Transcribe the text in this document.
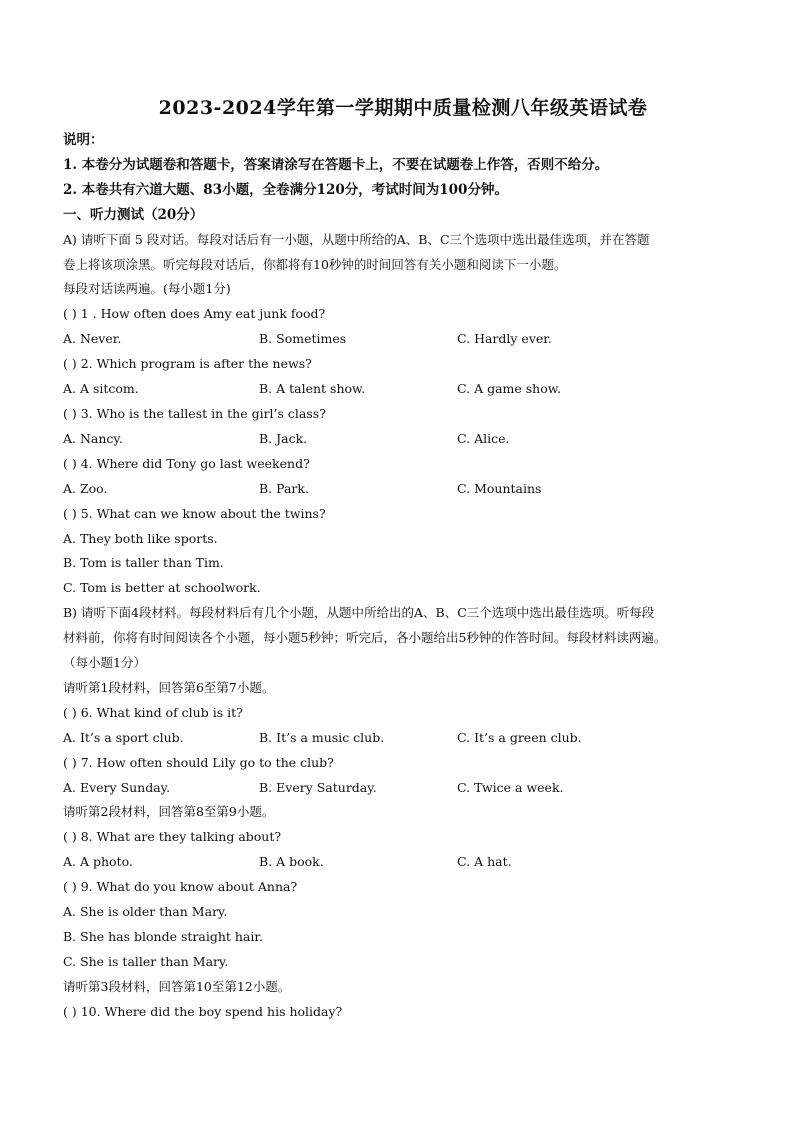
2023-2024学年第一学期期中质量检测八年级英语试卷
说明：
1. 本卷分为试题卷和答题卡，答案请涂写在答题卡上，不要在试题卷上作答，否则不给分。
2. 本卷共有六道大题、83小题，全卷满分120分，考试时间为100分钟。
一、听力测试（20分）
A) 请听下面 5 段对话。每段对话后有一小题，从题中所给的A、B、C三个选项中选出最佳选项，并在答题
卷上将该项涂黑。听完每段对话后，你都将有10秒钟的时间回答有关小题和阅读下一小题。
每段对话读两遍。(每小题1分)
( ) 1 . How often does Amy eat junk food?
A. Never.	B. Sometimes	C. Hardly ever.
( ) 2. Which program is after the news?
A. A sitcom.	B. A talent show.	C. A game show.
( ) 3. Who is the tallest in the girl’s class?
A. Nancy.	B. Jack.	C. Alice.
( ) 4. Where did Tony go last weekend?
A. Zoo.	B. Park.	C. Mountains
( ) 5. What can we know about the twins?
A. They both like sports.
B. Tom is taller than Tim.
C. Tom is better at schoolwork.
B) 请听下面4段材料。每段材料后有几个小题，从题中所给出的A、B、C三个选项中选出最佳选项。听每段
材料前，你将有时间阅读各个小题，每小题5秒钟；听完后，各小题给出5秒钟的作答时间。每段材料读两遍。
（每小题1分）
请听第1段材料，回答第6至第7小题。
( ) 6. What kind of club is it?
A. It’s a sport club.	B. It’s a music club.	C. It’s a green club.
( ) 7. How often should Lily go to the club?
A. Every Sunday.	B. Every Saturday.	C. Twice a week.
请听第2段材料，回答第8至第9小题。
( ) 8. What are they talking about?
A. A photo.	B. A book.	C. A hat.
( ) 9. What do you know about Anna?
A. She is older than Mary.
B. She has blonde straight hair.
C. She is taller than Mary.
请听第3段材料，回答第10至第12小题。
( ) 10. Where did the boy spend his holiday?
